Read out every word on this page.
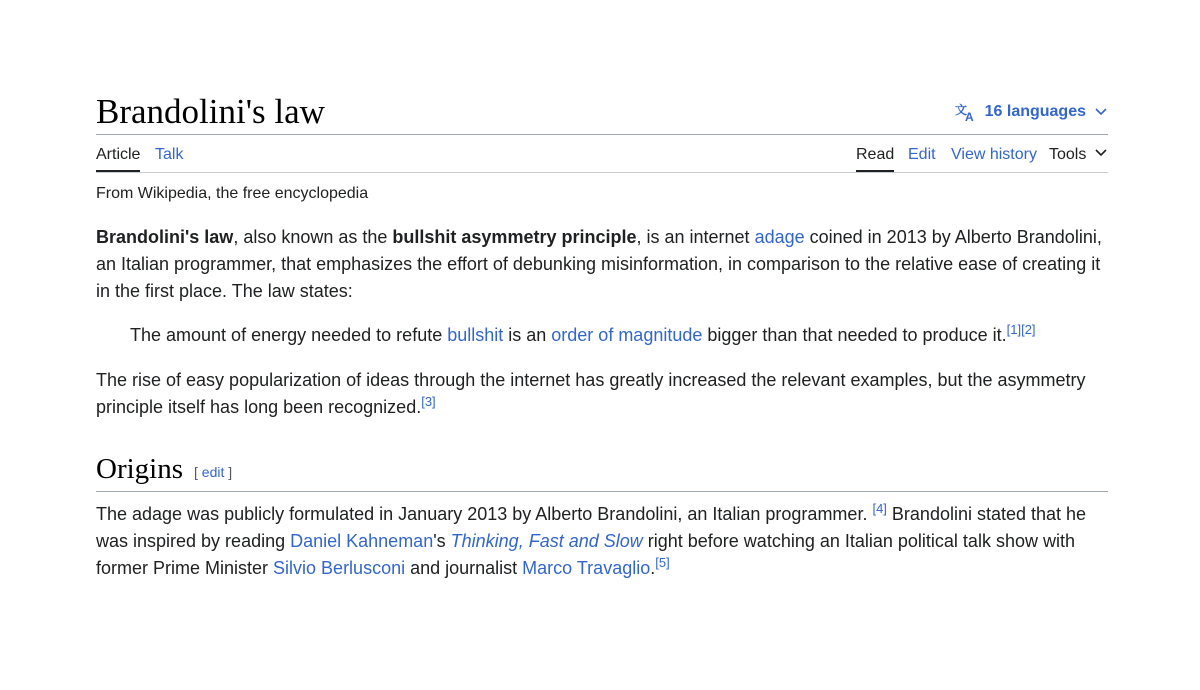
Brandolini's law	文
A 16 languages
Article Talk	Read Edit View history Tools
From Wikipedia, the free encyclopedia

Brandolini's law, also known as the bullshit asymmetry principle, is an internet adage coined in 2013 by Alberto Brandolini, an Italian programmer, that emphasizes the effort of debunking misinformation, in comparison to the relative ease of creating it in the first place. The law states:

The amount of energy needed to refute bullshit is an order of magnitude bigger than that needed to produce it.[1][2]

The rise of easy popularization of ideas through the internet has greatly increased the relevant examples, but the asymmetry principle itself has long been recognized.[3]

Origins [ edit ]

The adage was publicly formulated in January 2013 by Alberto Brandolini, an Italian programmer. [4] Brandolini stated that he was inspired by reading Daniel Kahneman's Thinking, Fast and Slow right before watching an Italian political talk show with former Prime Minister Silvio Berlusconi and journalist Marco Travaglio.[5]
